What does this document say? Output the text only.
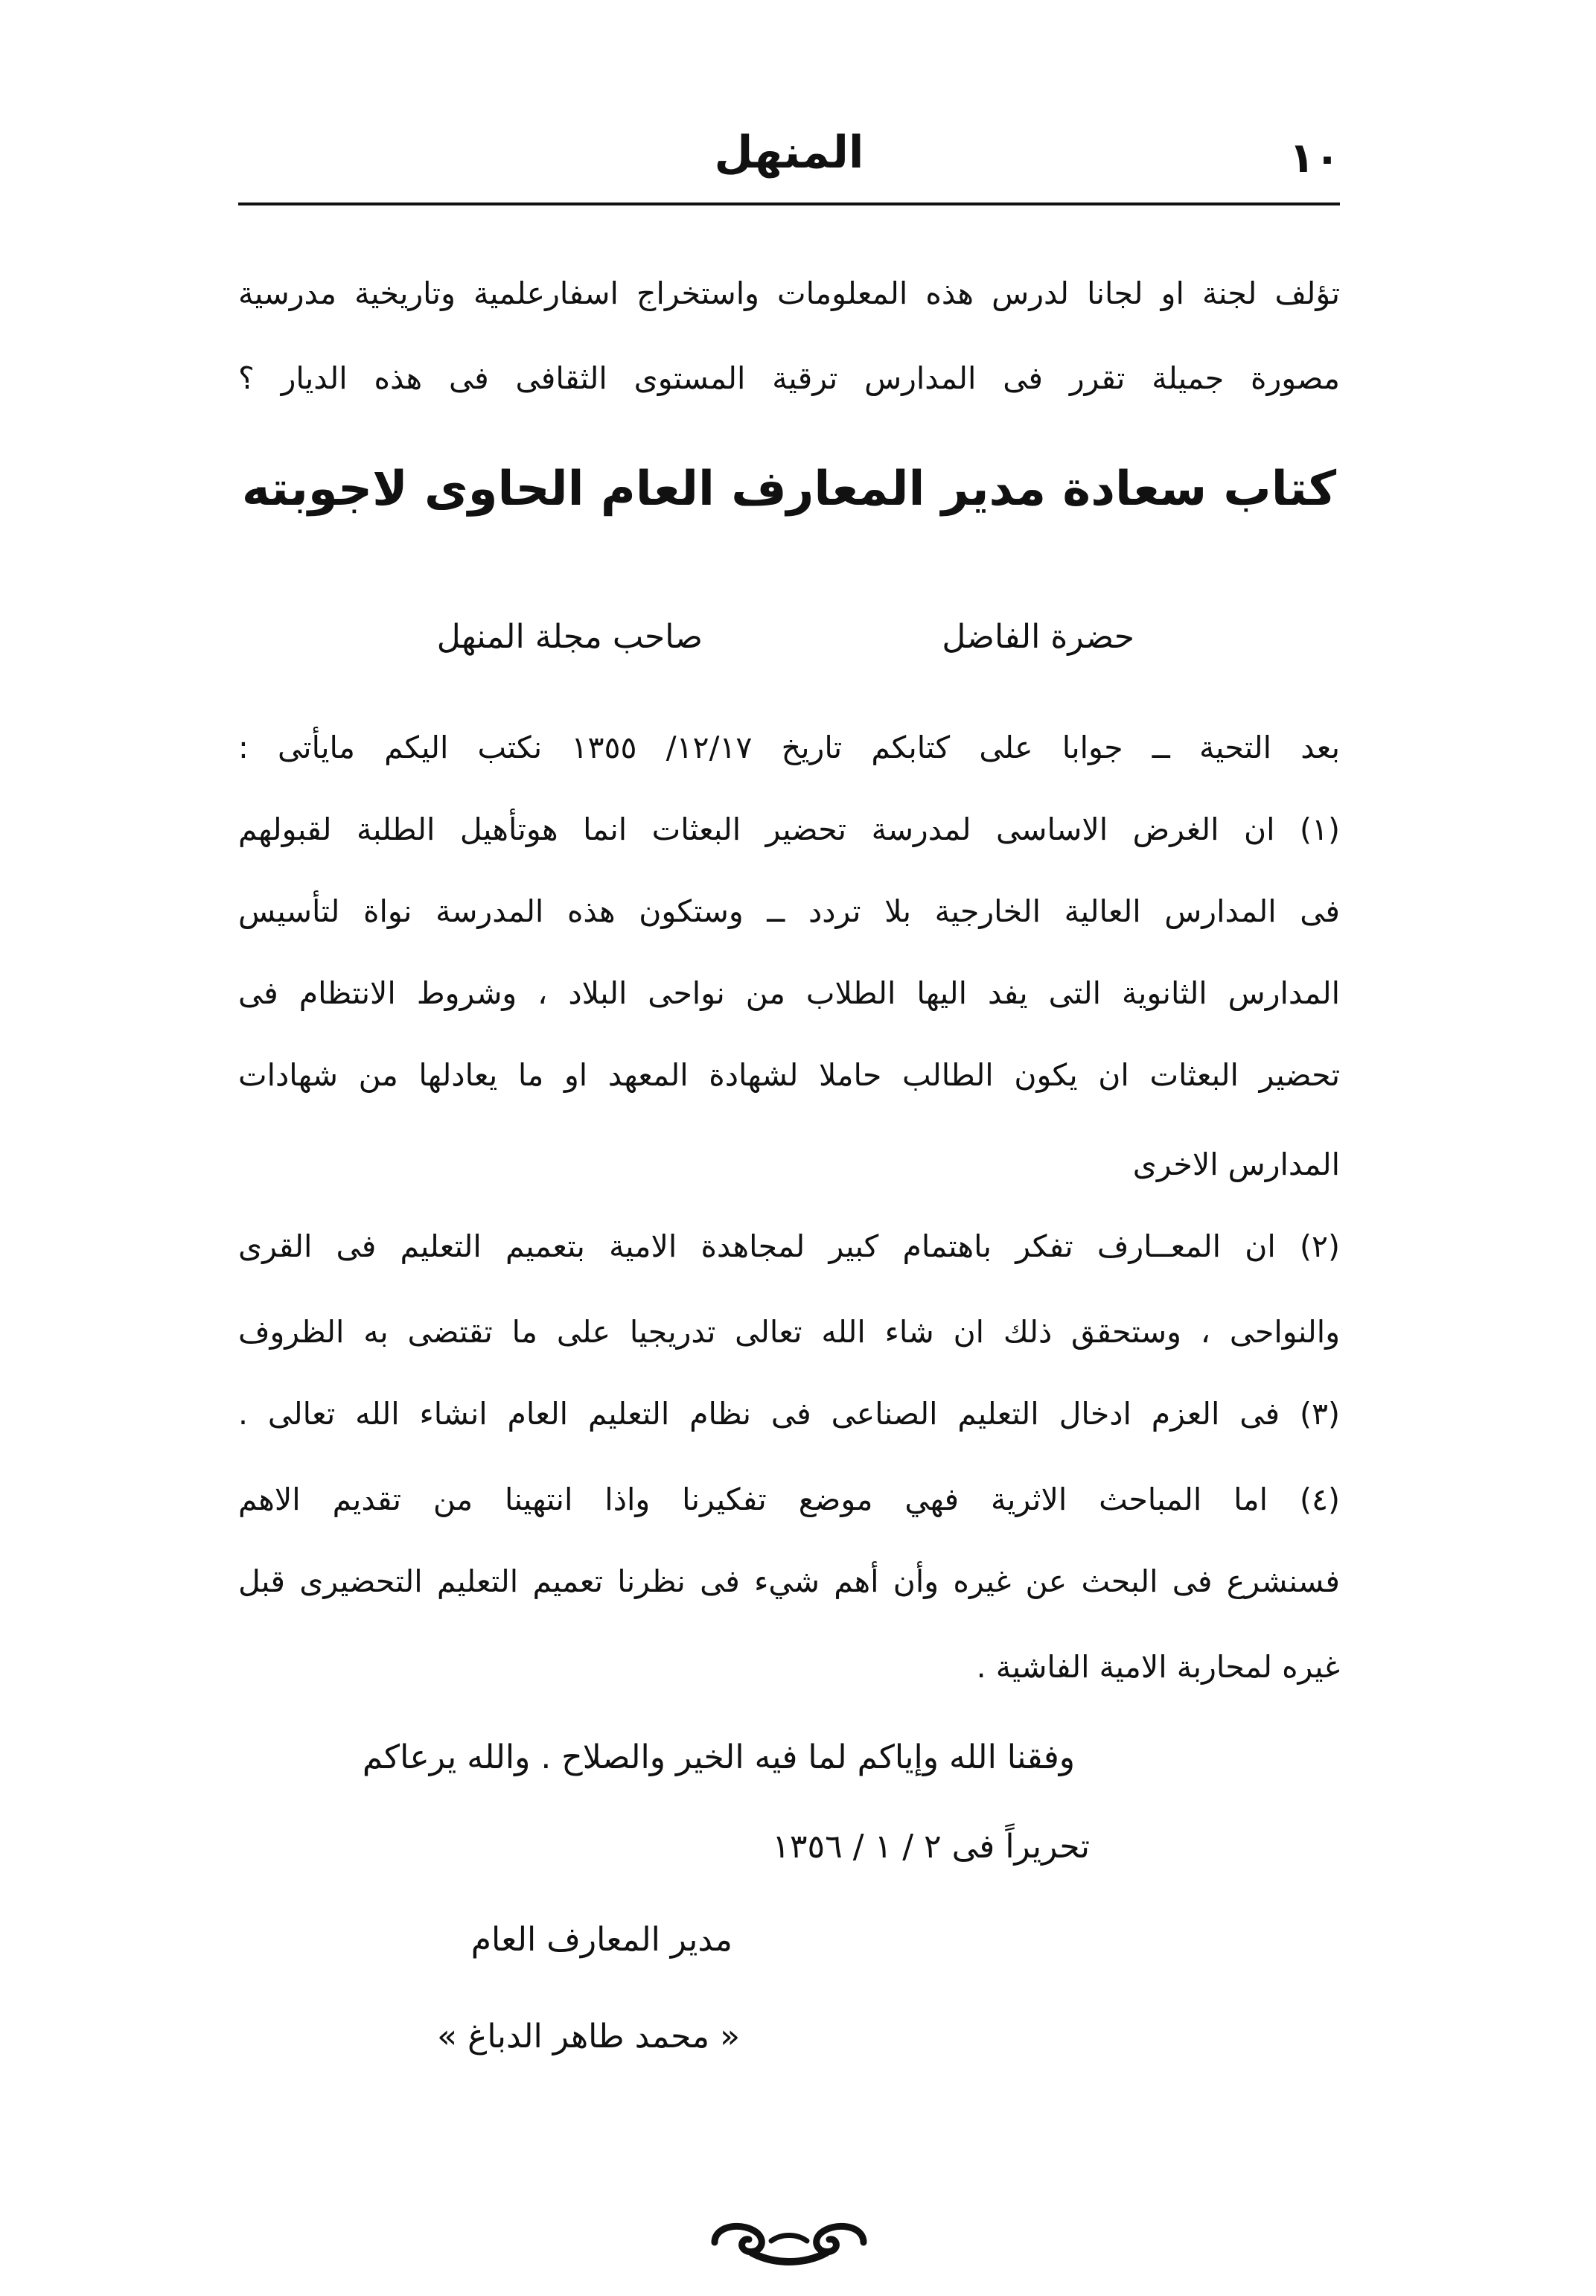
١٠
المنهل
تؤلف لجنة او لجانا لدرس هذه المعلومات واستخراج اسفارعلمية وتاريخية مدرسية
مصورة جميلة تقرر فى المدارس ترقية المستوى الثقافى فى هذه الديار ؟
كتاب سعادة مدير المعارف العام الحاوى لاجوبته
حضرة الفاضل
صاحب مجلة المنهل
بعد التحية ــ جوابا على كتابكم تاريخ ١٢/١٧/ ١٣٥٥ نكتب اليكم مايأتى :
(١) ان الغرض الاساسى لمدرسة تحضير البعثات انما هوتأهيل الطلبة لقبولهم
فى المدارس العالية الخارجية بلا تردد ــ وستكون هذه المدرسة نواة لتأسيس
المدارس الثانوية التى يفد اليها الطلاب من نواحى البلاد ، وشروط الانتظام فى
تحضير البعثات ان يكون الطالب حاملا لشهادة المعهد او ما يعادلها من شهادات
المدارس الاخرى
(٢) ان المعــارف تفكر باهتمام كبير لمجاهدة الامية بتعميم التعليم فى القرى
والنواحى ، وستحقق ذلك ان شاء الله تعالى تدريجيا على ما تقتضى به الظروف
(٣) فى العزم ادخال التعليم الصناعى فى نظام التعليم العام انشاء الله تعالى .
(٤) اما المباحث الاثرية فهي موضع تفكيرنا واذا انتهينا من تقديم الاهم
فسنشرع فى البحث عن غيره وأن أهم شيء فى نظرنا تعميم التعليم التحضيرى قبل
غيره لمحاربة الامية الفاشية .
وفقنا الله وإياكم لما فيه الخير والصلاح . والله يرعاكم
تحريراً فى ٢ / ١ / ١٣٥٦
مدير المعارف العام
« محمد طاهر الدباغ »
